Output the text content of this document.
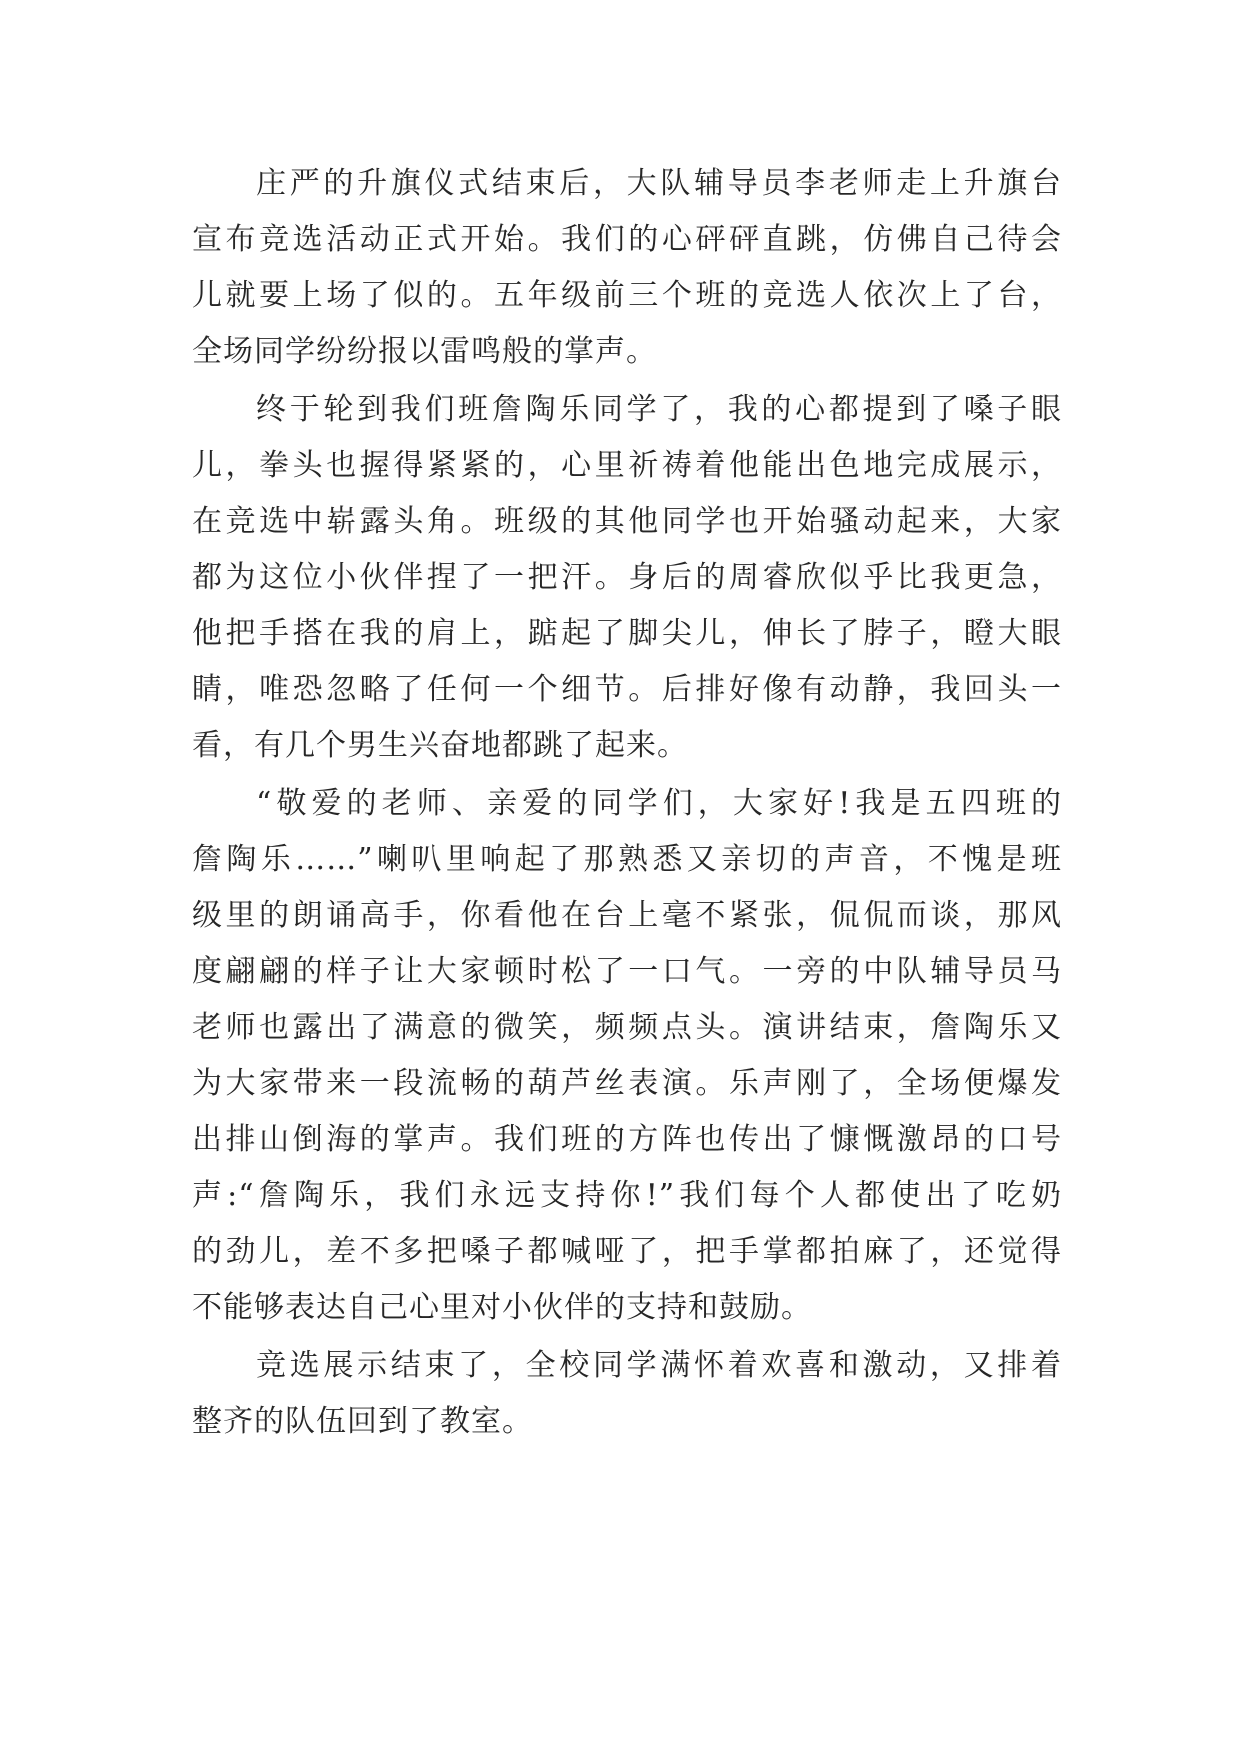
庄严的升旗仪式结束后，大队辅导员李老师走上升旗台
宣布竞选活动正式开始。我们的心砰砰直跳，仿佛自己待会
儿就要上场了似的。五年级前三个班的竞选人依次上了台，
全场同学纷纷报以雷鸣般的掌声。
终于轮到我们班詹陶乐同学了，我的心都提到了嗓子眼
儿，拳头也握得紧紧的，心里祈祷着他能出色地完成展示，
在竞选中崭露头角。班级的其他同学也开始骚动起来，大家
都为这位小伙伴捏了一把汗。身后的周睿欣似乎比我更急，
他把手搭在我的肩上，踮起了脚尖儿，伸长了脖子，瞪大眼
睛，唯恐忽略了任何一个细节。后排好像有动静，我回头一
看，有几个男生兴奋地都跳了起来。
“敬爱的老师、亲爱的同学们，大家好!我是五四班的
詹陶乐……”喇叭里响起了那熟悉又亲切的声音，不愧是班
级里的朗诵高手，你看他在台上毫不紧张，侃侃而谈，那风
度翩翩的样子让大家顿时松了一口气。一旁的中队辅导员马
老师也露出了满意的微笑，频频点头。演讲结束，詹陶乐又
为大家带来一段流畅的葫芦丝表演。乐声刚了，全场便爆发
出排山倒海的掌声。我们班的方阵也传出了慷慨激昂的口号
声:“詹陶乐，我们永远支持你!”我们每个人都使出了吃奶
的劲儿，差不多把嗓子都喊哑了，把手掌都拍麻了，还觉得
不能够表达自己心里对小伙伴的支持和鼓励。
竞选展示结束了，全校同学满怀着欢喜和激动，又排着
整齐的队伍回到了教室。
